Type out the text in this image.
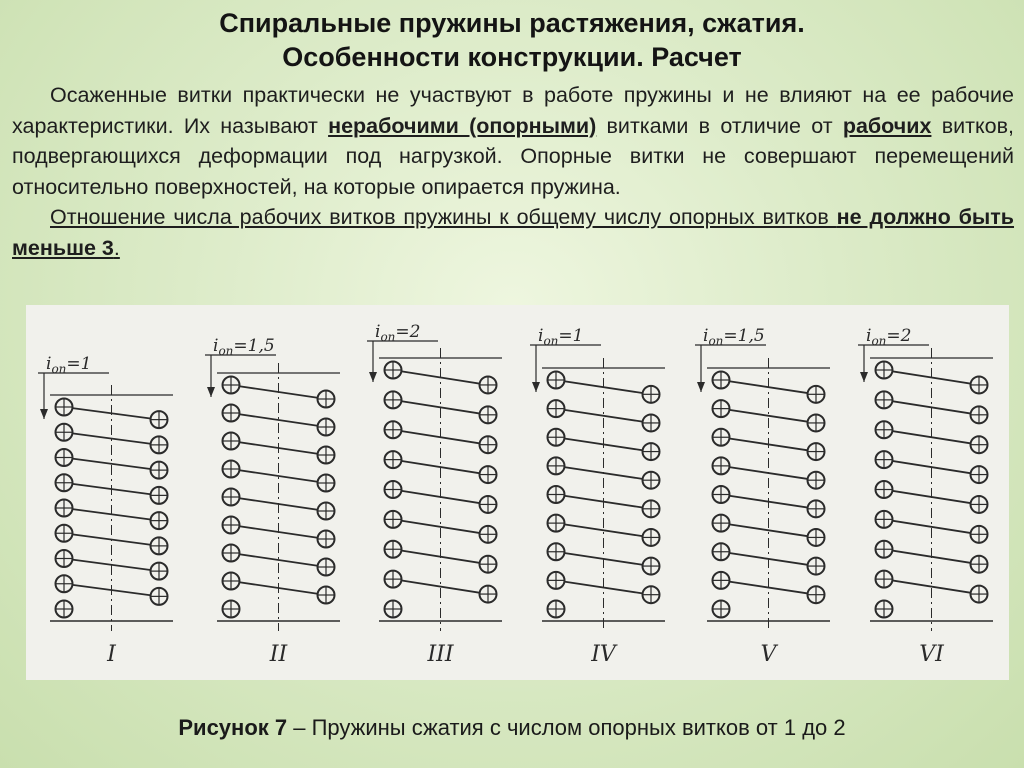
Спиральные пружины растяжения, сжатия.
Особенности конструкции. Расчет

Осаженные витки практически не участвуют в работе пружины и не влияют на ее рабочие характеристики. Их называют нерабочими (опорными) витками в отличие от рабочих витков, подвергающихся деформации под нагрузкой. Опорные витки не совершают перемещений относительно поверхностей, на которые опирается пружина.

Отношение числа рабочих витков пружины к общему числу опорных витков не должно быть меньше 3.

$i_{оп}=1$
I
$i_{оп}=1,5$
II
$i_{оп}=2$
III
$i_{оп}=1$
IV
$i_{оп}=1,5$
V
$i_{оп}=2$
VI
Рисунок 7 – Пружины сжатия с числом опорных витков от 1 до 2
